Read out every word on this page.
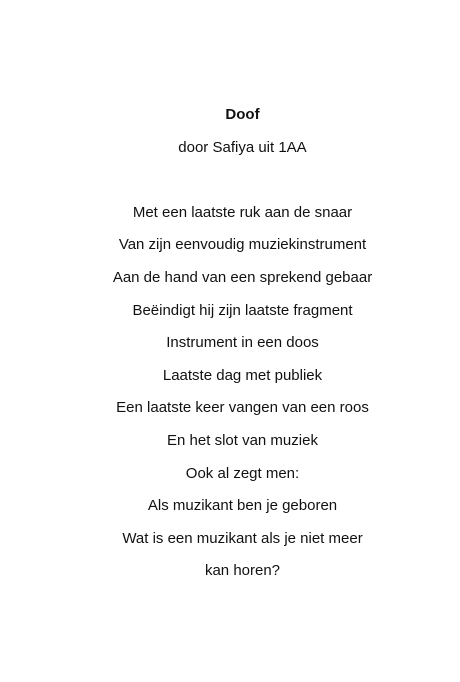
Doof
door Safiya uit 1AA
Met een laatste ruk aan de snaar
Van zijn eenvoudig muziekinstrument
Aan de hand van een sprekend gebaar
Beëindigt hij zijn laatste fragment
Instrument in een doos
Laatste dag met publiek
Een laatste keer vangen van een roos
En het slot van muziek
Ook al zegt men:
Als muzikant ben je geboren
Wat is een muzikant als je niet meer
kan horen?
